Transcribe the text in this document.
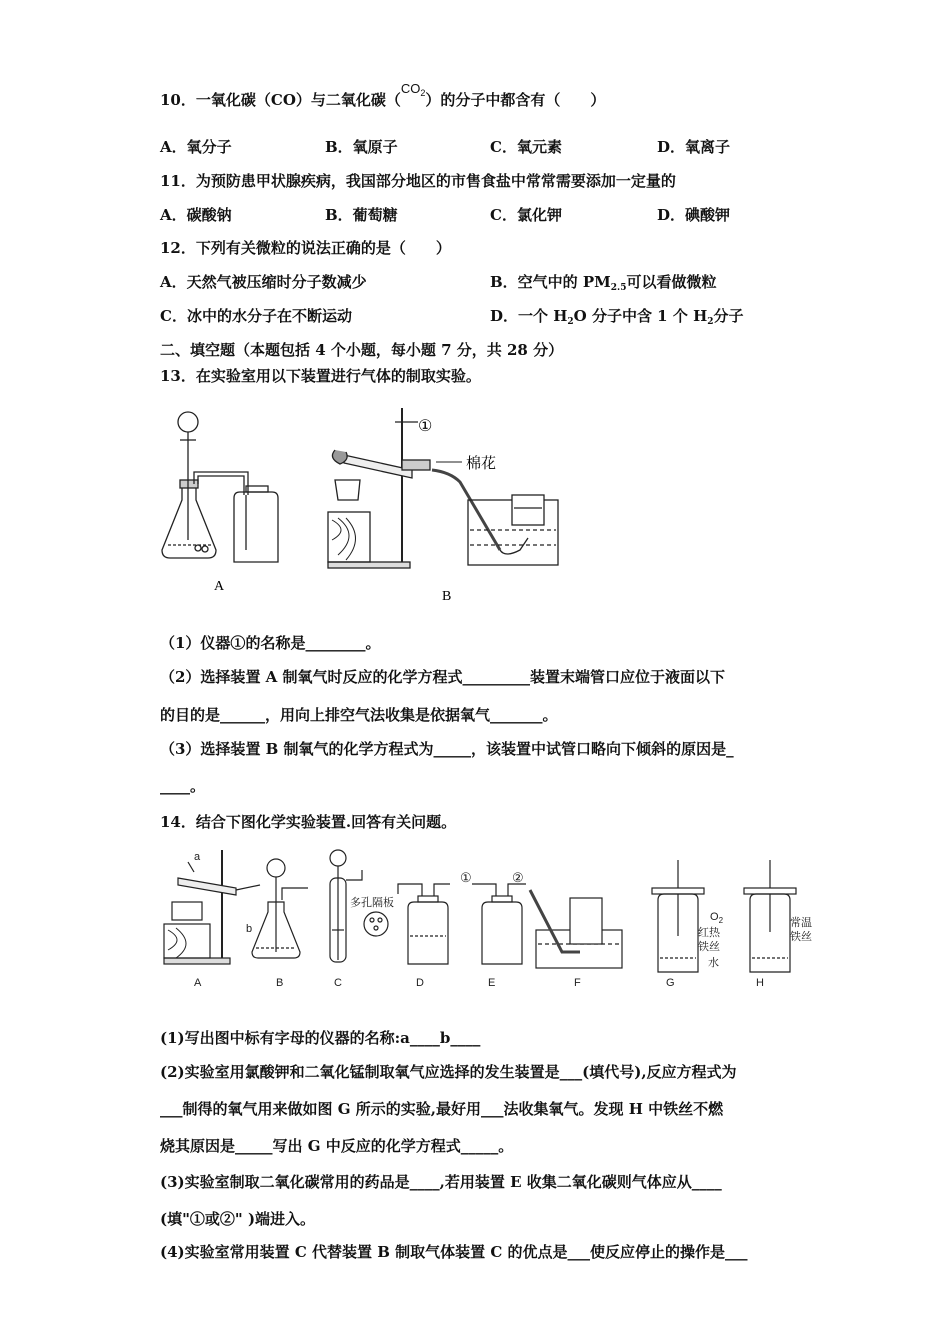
10．一氧化碳（CO）与二氧化碳$(CO_2)$的分子中都含有（　　）
A．氧分子	B．氧原子	C．氧元素	D．氧离子
11．为预防患甲状腺疾病，我国部分地区的市售食盐中常常需要添加一定量的
A．碳酸钠	B．葡萄糖	C．氯化钾	D．碘酸钾
12．下列有关微粒的说法正确的是（　　）
A．天然气被压缩时分子数减少	B．空气中的 $PM_{2.5}$可以看做微粒
C．冰中的水分子在不断运动	D．一个 $H_2O$ 分子中含 1 个 $H_2$分子
二、填空题（本题包括 4 个小题，每小题 7 分，共 28 分）
13．在实验室用以下装置进行气体的制取实验。
A
B
①
棉花
（1）仪器①的名称是________。
（2）选择装置 A 制氧气时反应的化学方程式_________装置末端管口应位于液面以下
的目的是______，用向上排空气法收集是依据氧气_______。
（3）选择装置 B 制氧气的化学方程式为_____，该装置中试管口略向下倾斜的原因是_
____。
14．结合下图化学实验装置.回答有关问题。
A	B	C	D	E	F	G	H
a
b
多孔隔板
①	②
$O_2$
红热
铁丝
水
常温
铁丝
(1)写出图中标有字母的仪器的名称:a____b____
(2)实验室用氯酸钾和二氧化锰制取氧气应选择的发生装置是___(填代号),反应方程式为
___制得的氧气用来做如图 G 所示的实验,最好用___法收集氧气。发现 H 中铁丝不燃
烧其原因是_____写出 G 中反应的化学方程式_____。
(3)实验室制取二氧化碳常用的药品是____,若用装置 E 收集二氧化碳则气体应从____
(填"①或②" )端进入。
(4)实验室常用装置 C 代替装置 B 制取气体装置 C 的优点是___使反应停止的操作是___
